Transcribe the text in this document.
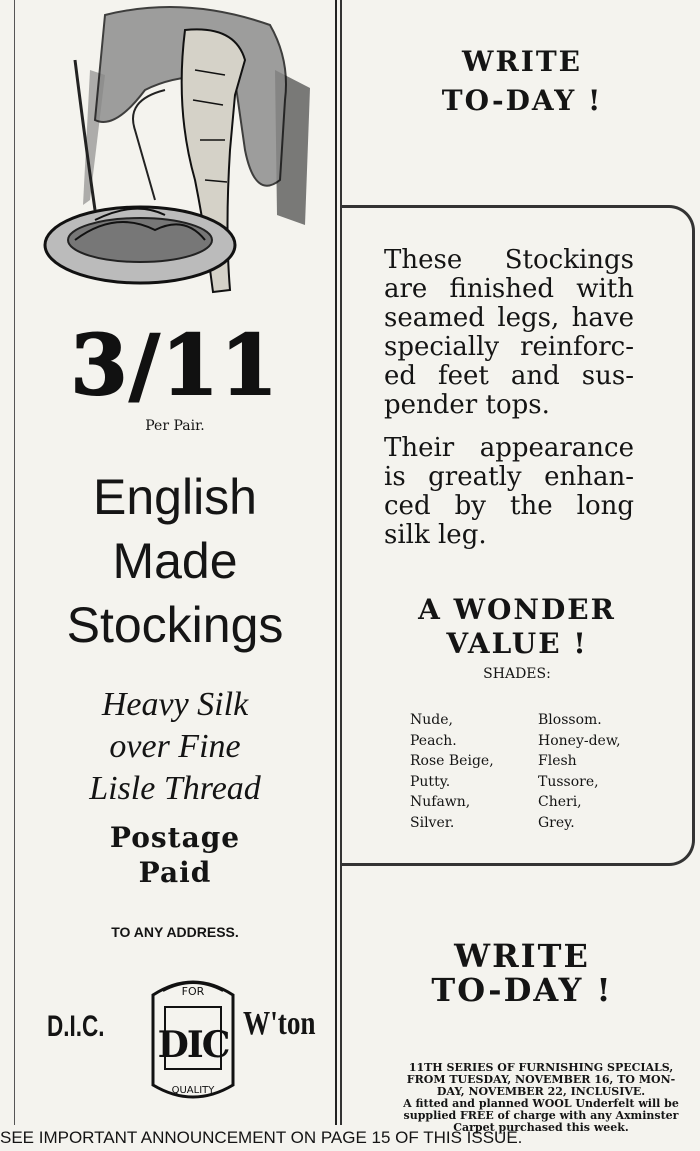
3/11
Per Pair.
English
Made
Stockings
Heavy Silk
over Fine
Lisle Thread
Postage
Paid
TO ANY ADDRESS.
D.I.C.
FOR
DIC
QUALITY
W'ton
WRITE
TO-DAY !

These Stockings are finished with seamed legs, have specially reinforc-ed feet and sus-pender tops.

Their appearance is greatly enhan-ced by the long silk leg.

A WONDER
VALUE !
SHADES:
Nude,
Peach.
Rose Beige,
Putty.
Nufawn,
Silver.
Blossom.
Honey-dew,
Flesh
Tussore,
Cheri,
Grey.
WRITE
TO-DAY !
11TH SERIES OF FURNISHING SPECIALS,
FROM TUESDAY, NOVEMBER 16, TO MON-
DAY, NOVEMBER 22, INCLUSIVE.
A fitted and planned WOOL Underfelt will be
supplied FREE of charge with any Axminster
Carpet purchased this week.
SEE IMPORTANT ANNOUNCEMENT ON PAGE 15 OF THIS ISSUE.
